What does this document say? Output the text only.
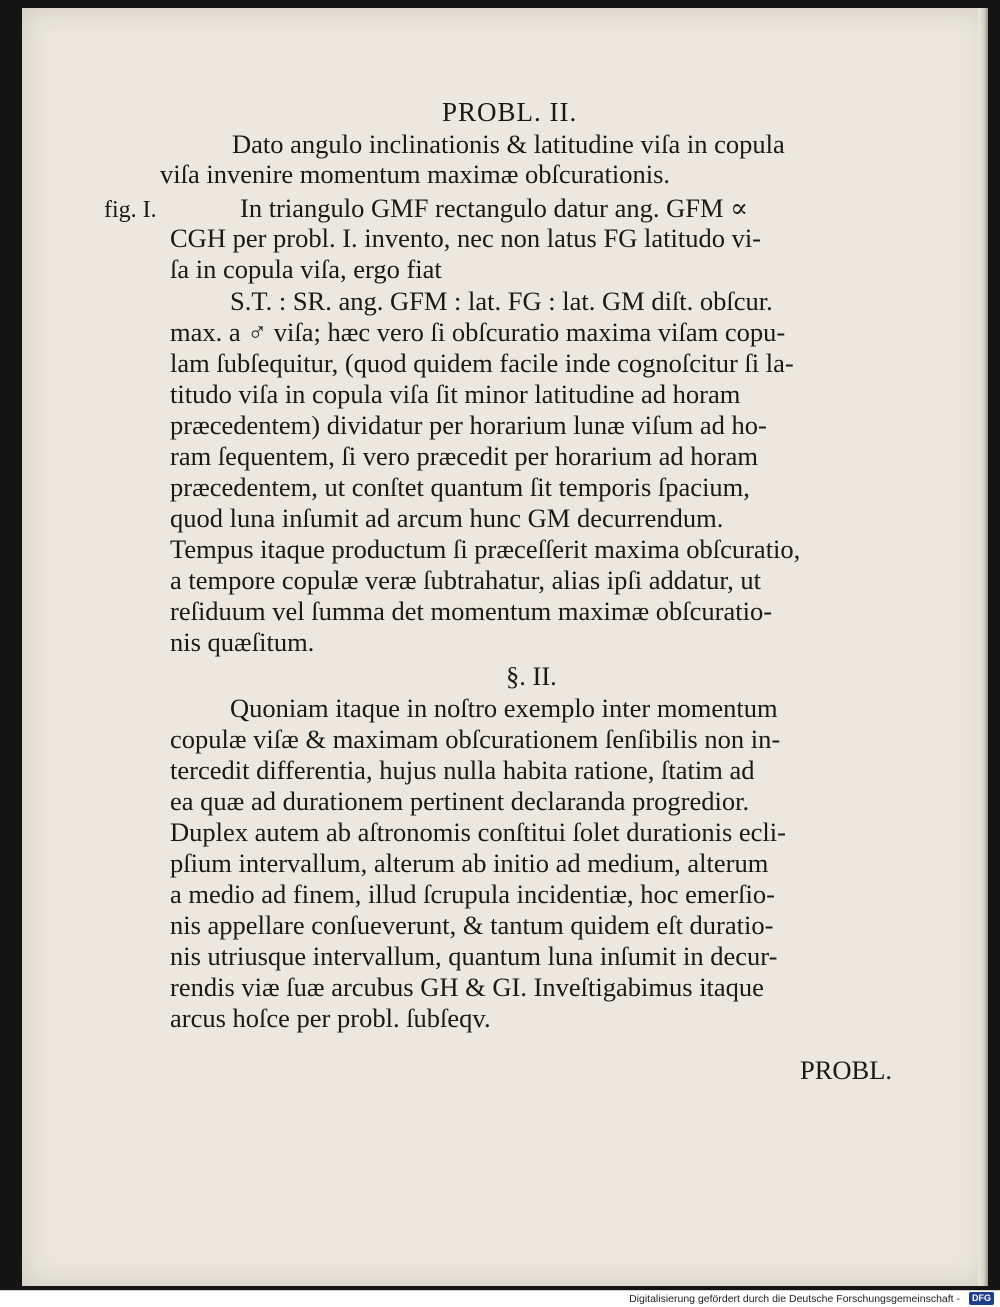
PROBL. II.
Dato angulo inclinationis & latitudine viſa in copula
viſa invenire momentum maximæ obſcurationis.
fig. I.	In triangulo GMF rectangulo datur ang. GFM ∝
CGH per probl. I. invento, nec non latus FG latitudo vi-
ſa in copula viſa, ergo fiat
S.T. : SR. ang. GFM : lat. FG : lat. GM diſt. obſcur.
max. a ♂ viſa; hæc vero ſi obſcuratio maxima viſam copu-
lam ſubſequitur, (quod quidem facile inde cognoſcitur ſi la-
titudo viſa in copula viſa ſit minor latitudine ad horam
præcedentem) dividatur per horarium lunæ viſum ad ho-
ram ſequentem, ſi vero præcedit per horarium ad horam
præcedentem, ut conſtet quantum ſit temporis ſpacium,
quod luna inſumit ad arcum hunc GM decurrendum.
Tempus itaque productum ſi præceſſerit maxima obſcuratio,
a tempore copulæ veræ ſubtrahatur, alias ipſi addatur, ut
reſiduum vel ſumma det momentum maximæ obſcuratio-
nis quæſitum.
§. II.
Quoniam itaque in noſtro exemplo inter momentum
copulæ viſæ & maximam obſcurationem ſenſibilis non in-
tercedit differentia, hujus nulla habita ratione, ſtatim ad
ea quæ ad durationem pertinent declaranda progredior.
Duplex autem ab aſtronomis conſtitui ſolet durationis ecli-
pſium intervallum, alterum ab initio ad medium, alterum
a medio ad finem, illud ſcrupula incidentiæ, hoc emerſio-
nis appellare conſueverunt, & tantum quidem eſt duratio-
nis utriusque intervallum, quantum luna inſumit in decur-
rendis viæ ſuæ arcubus GH & GI. Inveſtigabimus itaque
arcus hoſce per probl. ſubſeqv.
PROBL.
Digitalisierung gefördert durch die Deutsche Forschungsgemeinschaft -	DFG
